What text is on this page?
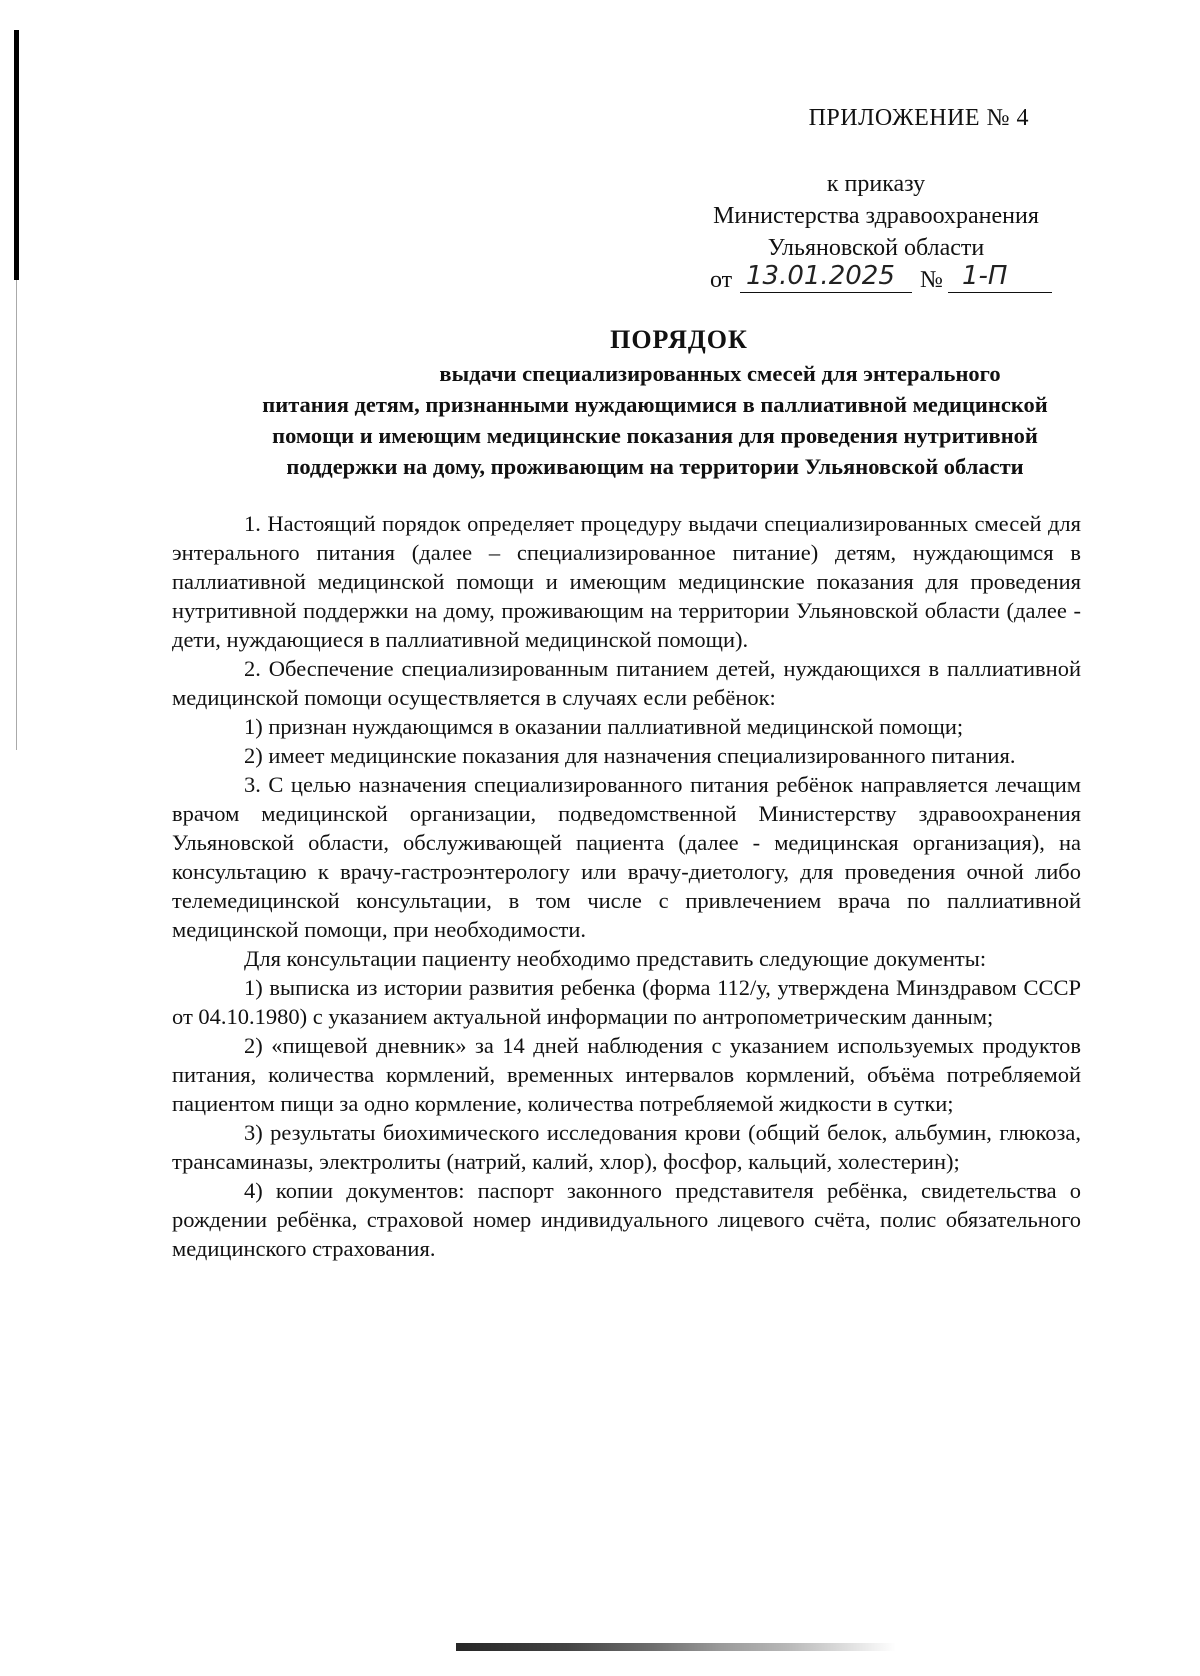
ПРИЛОЖЕНИЕ № 4
к приказу
Министерства здравоохранения
Ульяновской области
от 13.01.2025 № 1-П
ПОРЯДОК
выдачи специализированных смесей для энтерального
питания детям, признанными нуждающимися в паллиативной медицинской
помощи и имеющим медицинские показания для проведения нутритивной
поддержки на дому, проживающим на территории Ульяновской области

1. Настоящий порядок определяет процедуру выдачи специализированных смесей для энтерального питания (далее – специализированное питание) детям, нуждающимся в паллиативной медицинской помощи и имеющим медицинские показания для проведения нутритивной поддержки на дому, проживающим на территории Ульяновской области (далее - дети, нуждающиеся в паллиативной медицинской помощи).

2. Обеспечение специализированным питанием детей, нуждающихся в паллиативной медицинской помощи осуществляется в случаях если ребёнок:

1) признан нуждающимся в оказании паллиативной медицинской помощи;

2) имеет медицинские показания для назначения специализированного питания.

3. С целью назначения специализированного питания ребёнок направляется лечащим врачом медицинской организации, подведомственной Министерству здравоохранения Ульяновской области, обслуживающей пациента (далее - медицинская организация), на консультацию к врачу-гастроэнтерологу или врачу-диетологу, для проведения очной либо телемедицинской консультации, в том числе с привлечением врача по паллиативной медицинской помощи, при необходимости.

Для консультации пациенту необходимо представить следующие документы:

1) выписка из истории развития ребенка (форма 112/у, утверждена Минздравом СССР от 04.10.1980) с указанием актуальной информации по антропометрическим данным;

2) «пищевой дневник» за 14 дней наблюдения с указанием используемых продуктов питания, количества кормлений, временных интервалов кормлений, объёма потребляемой пациентом пищи за одно кормление, количества потребляемой жидкости в сутки;

3) результаты биохимического исследования крови (общий белок, альбумин, глюкоза, трансаминазы, электролиты (натрий, калий, хлор), фосфор, кальций, холестерин);

4) копии документов: паспорт законного представителя ребёнка, свидетельства о рождении ребёнка, страховой номер индивидуального лицевого счёта, полис обязательного медицинского страхования.
